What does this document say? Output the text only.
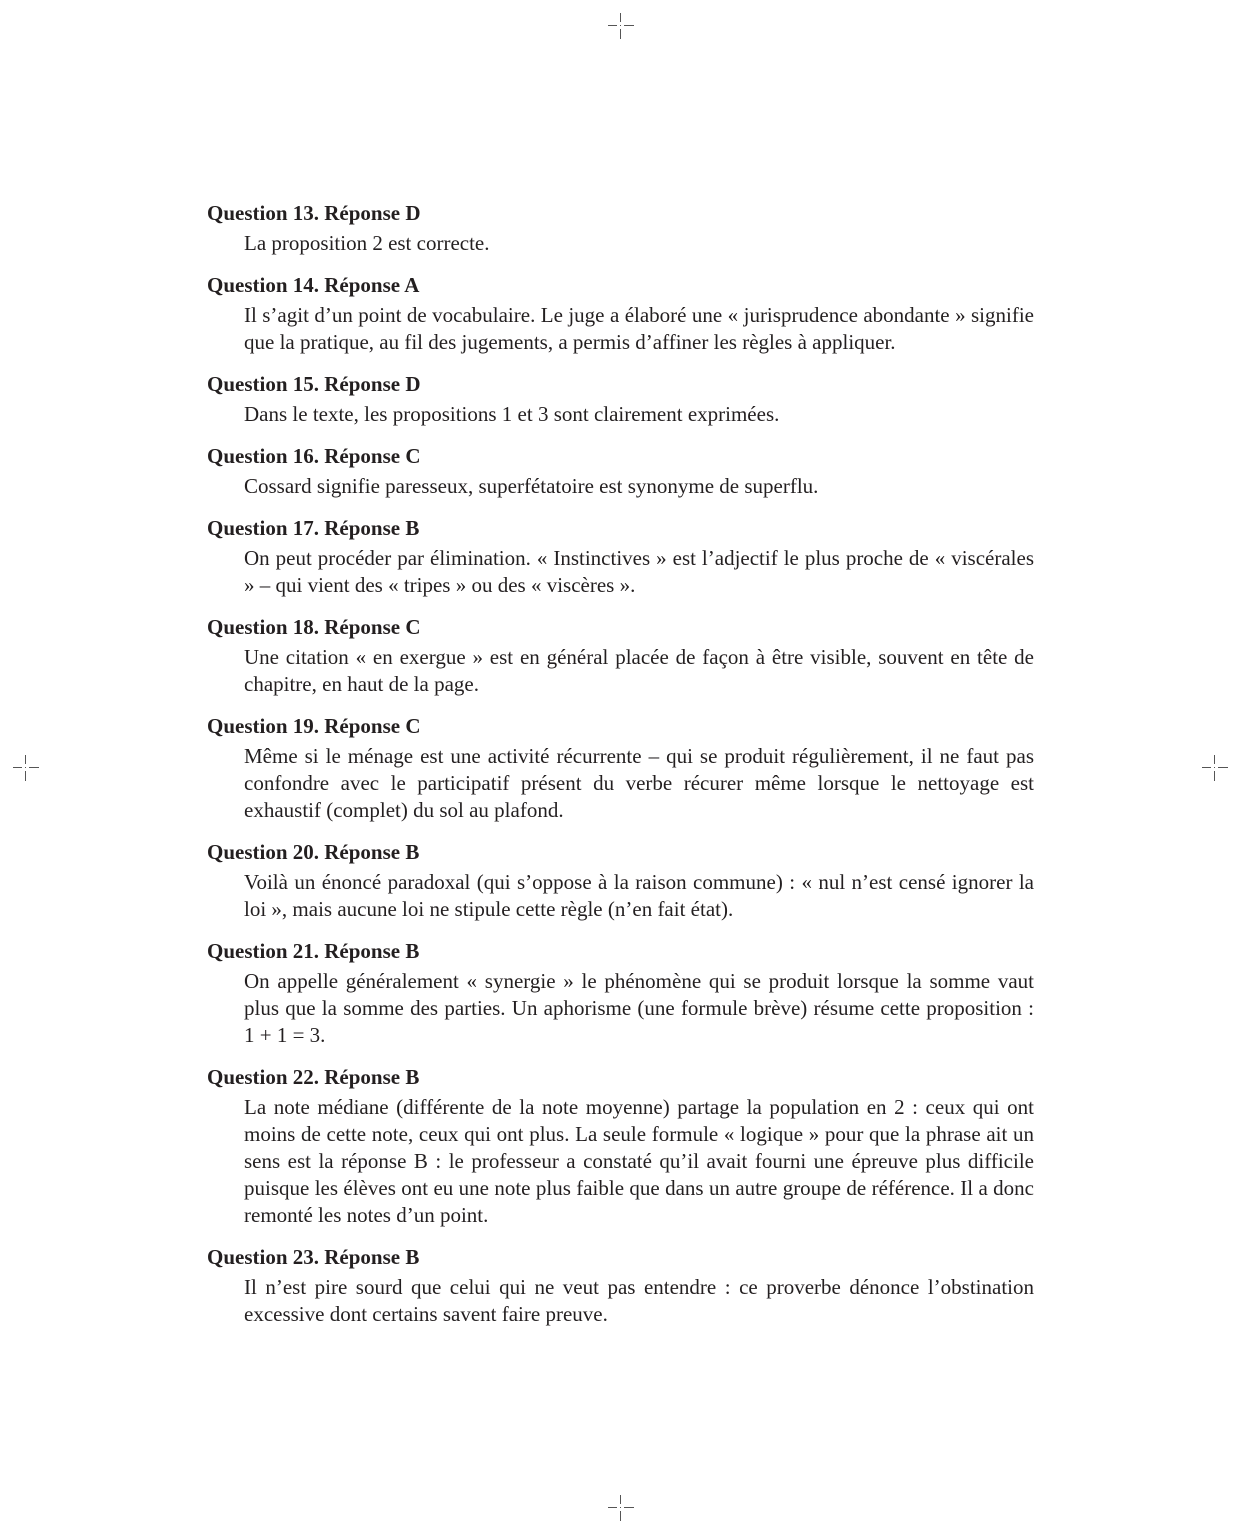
Question 13. Réponse D
La proposition 2 est correcte.
Question 14. Réponse A
Il s’agit d’un point de vocabulaire. Le juge a élaboré une « jurisprudence abondante » signifie que la pratique, au fil des jugements, a permis d’affiner les règles à appliquer.
Question 15. Réponse D
Dans le texte, les propositions 1 et 3 sont clairement exprimées.
Question 16. Réponse C
Cossard signifie paresseux, superfétatoire est synonyme de superflu.
Question 17. Réponse B
On peut procéder par élimination. « Instinctives » est l’adjectif le plus proche de « viscérales » – qui vient des « tripes » ou des « viscères ».
Question 18. Réponse C
Une citation « en exergue » est en général placée de façon à être visible, souvent en tête de chapitre, en haut de la page.
Question 19. Réponse C
Même si le ménage est une activité récurrente – qui se produit régulièrement, il ne faut pas confondre avec le participatif présent du verbe récurer même lorsque le nettoyage est exhaustif (complet) du sol au plafond.
Question 20. Réponse B
Voilà un énoncé paradoxal (qui s’oppose à la raison commune) : « nul n’est censé ignorer la loi », mais aucune loi ne stipule cette règle (n’en fait état).
Question 21. Réponse B
On appelle généralement « synergie » le phénomène qui se produit lorsque la somme vaut plus que la somme des parties. Un aphorisme (une formule brève) résume cette proposition : 1 + 1 = 3.
Question 22. Réponse B
La note médiane (différente de la note moyenne) partage la population en 2 : ceux qui ont moins de cette note, ceux qui ont plus. La seule formule « logique » pour que la phrase ait un sens est la réponse B : le professeur a constaté qu’il avait fourni une épreuve plus difficile puisque les élèves ont eu une note plus faible que dans un autre groupe de référence. Il a donc remonté les notes d’un point.
Question 23. Réponse B
Il n’est pire sourd que celui qui ne veut pas entendre : ce proverbe dénonce l’obstination excessive dont certains savent faire preuve.
